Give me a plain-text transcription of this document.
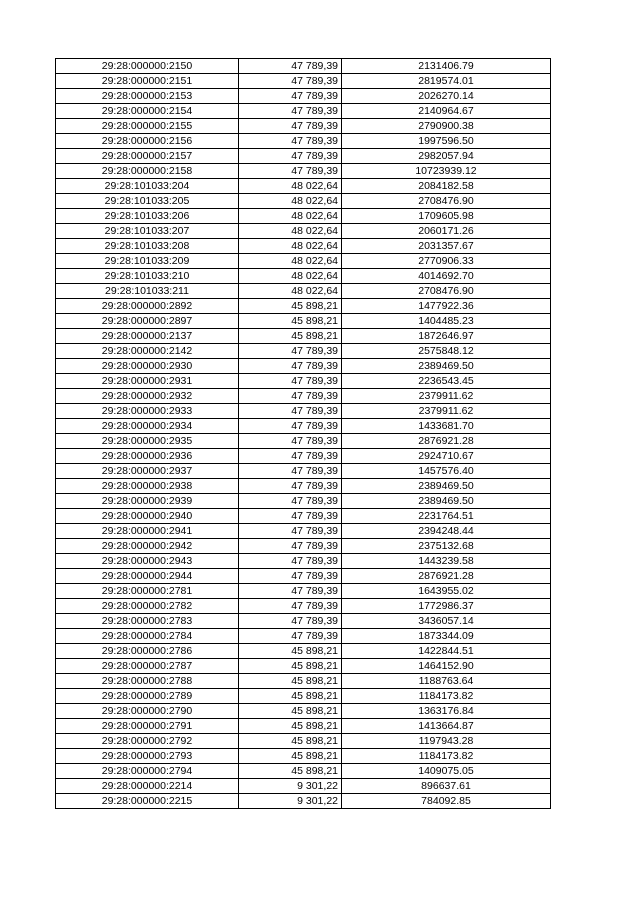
29:28:000000:2150	47 789,39	2131406.79
29:28:000000:2151	47 789,39	2819574.01
29:28:000000:2153	47 789,39	2026270.14
29:28:000000:2154	47 789,39	2140964.67
29:28:000000:2155	47 789,39	2790900.38
29:28:000000:2156	47 789,39	1997596.50
29:28:000000:2157	47 789,39	2982057.94
29:28:000000:2158	47 789,39	10723939.12
29:28:101033:204	48 022,64	2084182.58
29:28:101033:205	48 022,64	2708476.90
29:28:101033:206	48 022,64	1709605.98
29:28:101033:207	48 022,64	2060171.26
29:28:101033:208	48 022,64	2031357.67
29:28:101033:209	48 022,64	2770906.33
29:28:101033:210	48 022,64	4014692.70
29:28:101033:211	48 022,64	2708476.90
29:28:000000:2892	45 898,21	1477922.36
29:28:000000:2897	45 898,21	1404485.23
29:28:000000:2137	45 898,21	1872646.97
29:28:000000:2142	47 789,39	2575848.12
29:28:000000:2930	47 789,39	2389469.50
29:28:000000:2931	47 789,39	2236543.45
29:28:000000:2932	47 789,39	2379911.62
29:28:000000:2933	47 789,39	2379911.62
29:28:000000:2934	47 789,39	1433681.70
29:28:000000:2935	47 789,39	2876921.28
29:28:000000:2936	47 789,39	2924710.67
29:28:000000:2937	47 789,39	1457576.40
29:28:000000:2938	47 789,39	2389469.50
29:28:000000:2939	47 789,39	2389469.50
29:28:000000:2940	47 789,39	2231764.51
29:28:000000:2941	47 789,39	2394248.44
29:28:000000:2942	47 789,39	2375132.68
29:28:000000:2943	47 789,39	1443239.58
29:28:000000:2944	47 789,39	2876921.28
29:28:000000:2781	47 789,39	1643955.02
29:28:000000:2782	47 789,39	1772986.37
29:28:000000:2783	47 789,39	3436057.14
29:28:000000:2784	47 789,39	1873344.09
29:28:000000:2786	45 898,21	1422844.51
29:28:000000:2787	45 898,21	1464152.90
29:28:000000:2788	45 898,21	1188763.64
29:28:000000:2789	45 898,21	1184173.82
29:28:000000:2790	45 898,21	1363176.84
29:28:000000:2791	45 898,21	1413664.87
29:28:000000:2792	45 898,21	1197943.28
29:28:000000:2793	45 898,21	1184173.82
29:28:000000:2794	45 898,21	1409075.05
29:28:000000:2214	9 301,22	896637.61
29:28:000000:2215	9 301,22	784092.85
